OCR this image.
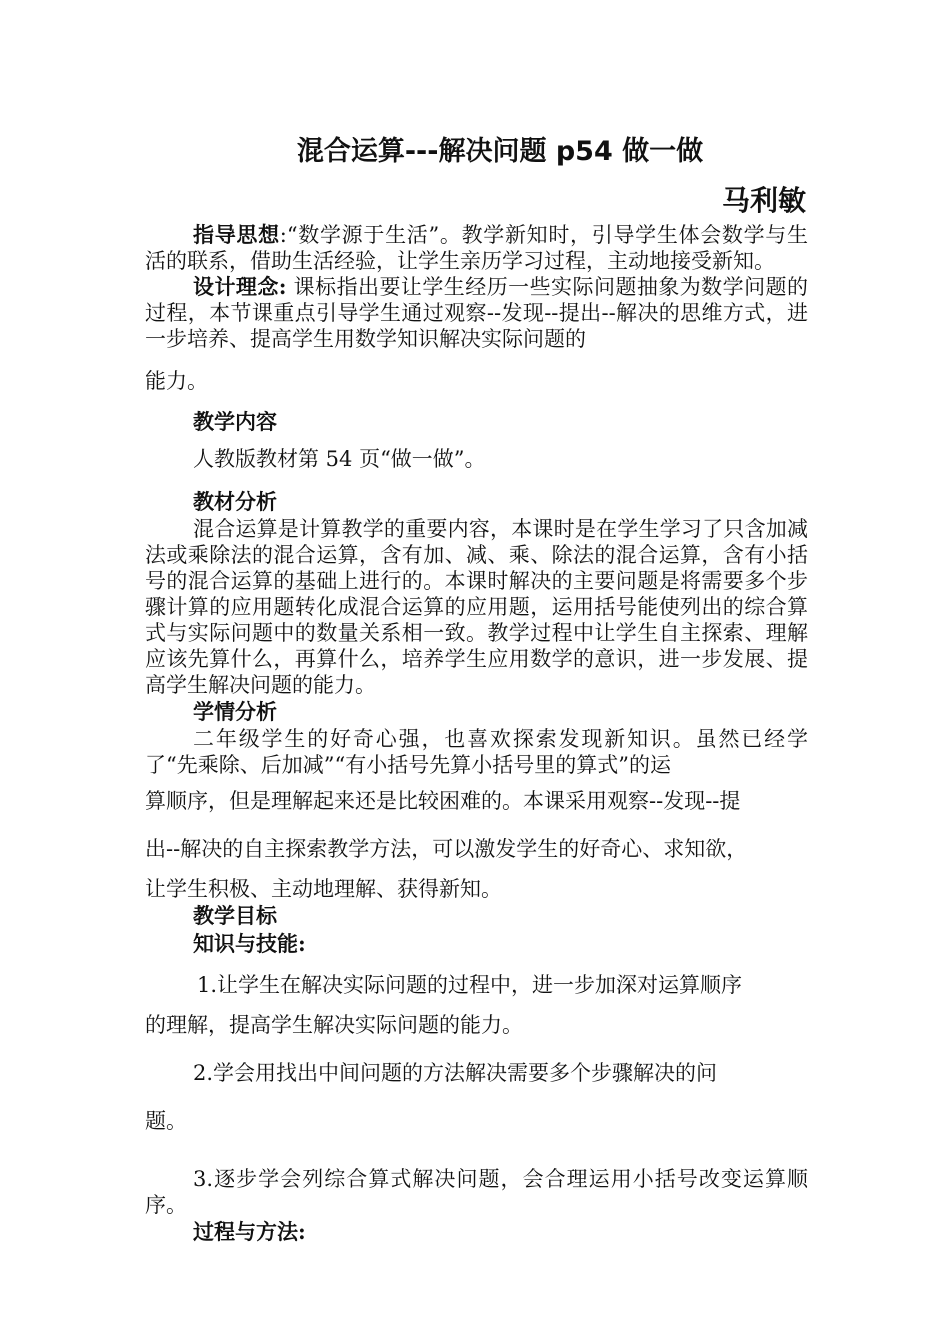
混合运算---解决问题 p54 做一做
马利敏

指导思想:“数学源于生活”。教学新知时，引导学生体会数学与生活的联系，借助生活经验，让学生亲历学习过程，主动地接受新知。

设计理念: 课标指出要让学生经历一些实际问题抽象为数学问题的过程，本节课重点引导学生通过观察--发现--提出--解决的思维方式，进一步培养、提高学生用数学知识解决实际问题的

能力。

教学内容

人教版教材第 54 页“做一做”。

教材分析

混合运算是计算教学的重要内容，本课时是在学生学习了只含加减法或乘除法的混合运算，含有加、减、乘、除法的混合运算，含有小括号的混合运算的基础上进行的。本课时解决的主要问题是将需要多个步骤计算的应用题转化成混合运算的应用题，运用括号能使列出的综合算式与实际问题中的数量关系相一致。教学过程中让学生自主探索、理解应该先算什么，再算什么，培养学生应用数学的意识，进一步发展、提高学生解决问题的能力。

学情分析

二年级学生的好奇心强，也喜欢探索发现新知识。虽然已经学了“先乘除、后加减”“有小括号先算小括号里的算式”的运

算顺序，但是理解起来还是比较困难的。本课采用观察--发现--提

出--解决的自主探索教学方法，可以激发学生的好奇心、求知欲，

让学生积极、主动地理解、获得新知。

教学目标

知识与技能:

1.让学生在解决实际问题的过程中，进一步加深对运算顺序

的理解，提高学生解决实际问题的能力。

2.学会用找出中间问题的方法解决需要多个步骤解决的问

题。

3.逐步学会列综合算式解决问题，会合理运用小括号改变运算顺序。

过程与方法:
